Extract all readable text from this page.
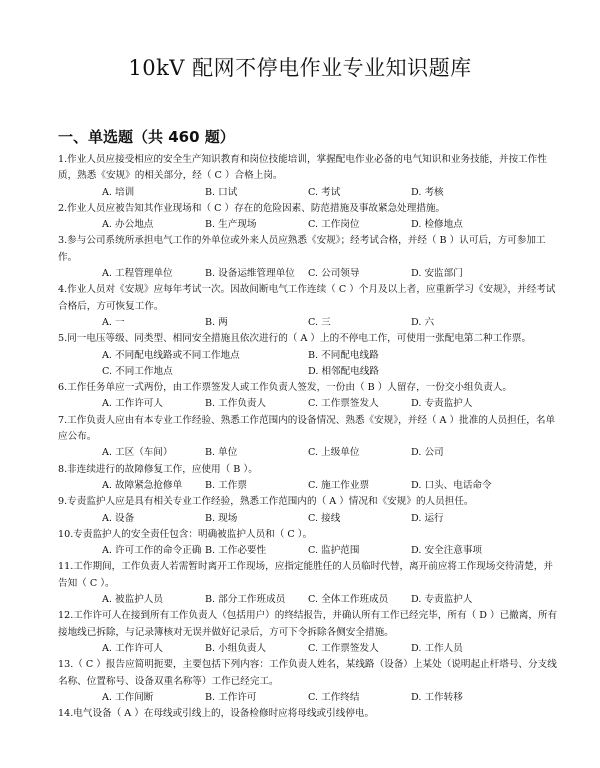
10kV 配网不停电作业专业知识题库
一、单选题（共 460 题）
1.作业人员应接受相应的安全生产知识教育和岗位技能培训，掌握配电作业必备的电气知识和业务技能，并按工作性质，熟悉《安规》的相关部分，经（ C ）合格上岗。
A. 培训	B. 口试	C. 考试	D. 考核
2.作业人员应被告知其作业现场和（ C ）存在的危险因素、防范措施及事故紧急处理措施。
A. 办公地点	B. 生产现场	C. 工作岗位	D. 检修地点
3.参与公司系统所承担电气工作的外单位或外来人员应熟悉《安规》；经考试合格，并经（ B ）认可后，方可参加工作。
A. 工程管理单位	B. 设备运维管理单位 C. 公司领导	D. 安监部门
4.作业人员对《安规》应每年考试一次。因故间断电气工作连续（ C ）个月及以上者，应重新学习《安规》，并经考试合格后，方可恢复工作。
A. 一	B. 两	C. 三	D. 六
5.同一电压等级、同类型、相同安全措施且依次进行的（ A ）上的不停电工作，可使用一张配电第二种工作票。
A. 不同配电线路或不同工作地点	B. 不同配电线路
C. 不同工作地点	D. 相邻配电线路
6.工作任务单应一式两份，由工作票签发人或工作负责人签发，一份由（ B ）人留存，一份交小组负责人。
A. 工作许可人	B. 工作负责人	C. 工作票签发人	D. 专责监护人
7.工作负责人应由有本专业工作经验、熟悉工作范围内的设备情况、熟悉《安规》，并经（ A ）批准的人员担任，名单应公布。
A. 工区（车间）	B. 单位	C. 上级单位	D. 公司
8.非连续进行的故障修复工作，应使用（ B ）。
A. 故障紧急抢修单 B. 工作票	C. 施工作业票	D. 口头、电话命令
9.专责监护人应是具有相关专业工作经验，熟悉工作范围内的（ A ）情况和《安规》的人员担任。
A. 设备	B. 现场	C. 接线	D. 运行
10.专责监护人的安全责任包含：明确被监护人员和（ C ）。
A. 许可工作的命令正确 B. 工作必要性	C. 监护范围	D. 安全注意事项
11.工作期间，工作负责人若需暂时离开工作现场，应指定能胜任的人员临时代替，离开前应将工作现场交待清楚，并告知（ C ）。
A. 被监护人员	B. 部分工作班成员 C. 全体工作班成员 D. 专责监护人
12.工作许可人在接到所有工作负责人（包括用户）的终结报告，并确认所有工作已经完毕，所有（ D ）已撤离，所有接地线已拆除，与记录簿核对无误并做好记录后，方可下令拆除各侧安全措施。
A. 工作许可人	B. 小组负责人	C. 工作票签发人	D. 工作人员
13.（ C ）报告应简明扼要，主要包括下列内容：工作负责人姓名，某线路（设备）上某处（说明起止杆塔号、分支线名称、位置称号、设备双重名称等）工作已经完工。
A. 工作间断	B. 工作许可	C. 工作终结	D. 工作转移
14.电气设备（ A ）在母线或引线上的，设备检修时应将母线或引线停电。
